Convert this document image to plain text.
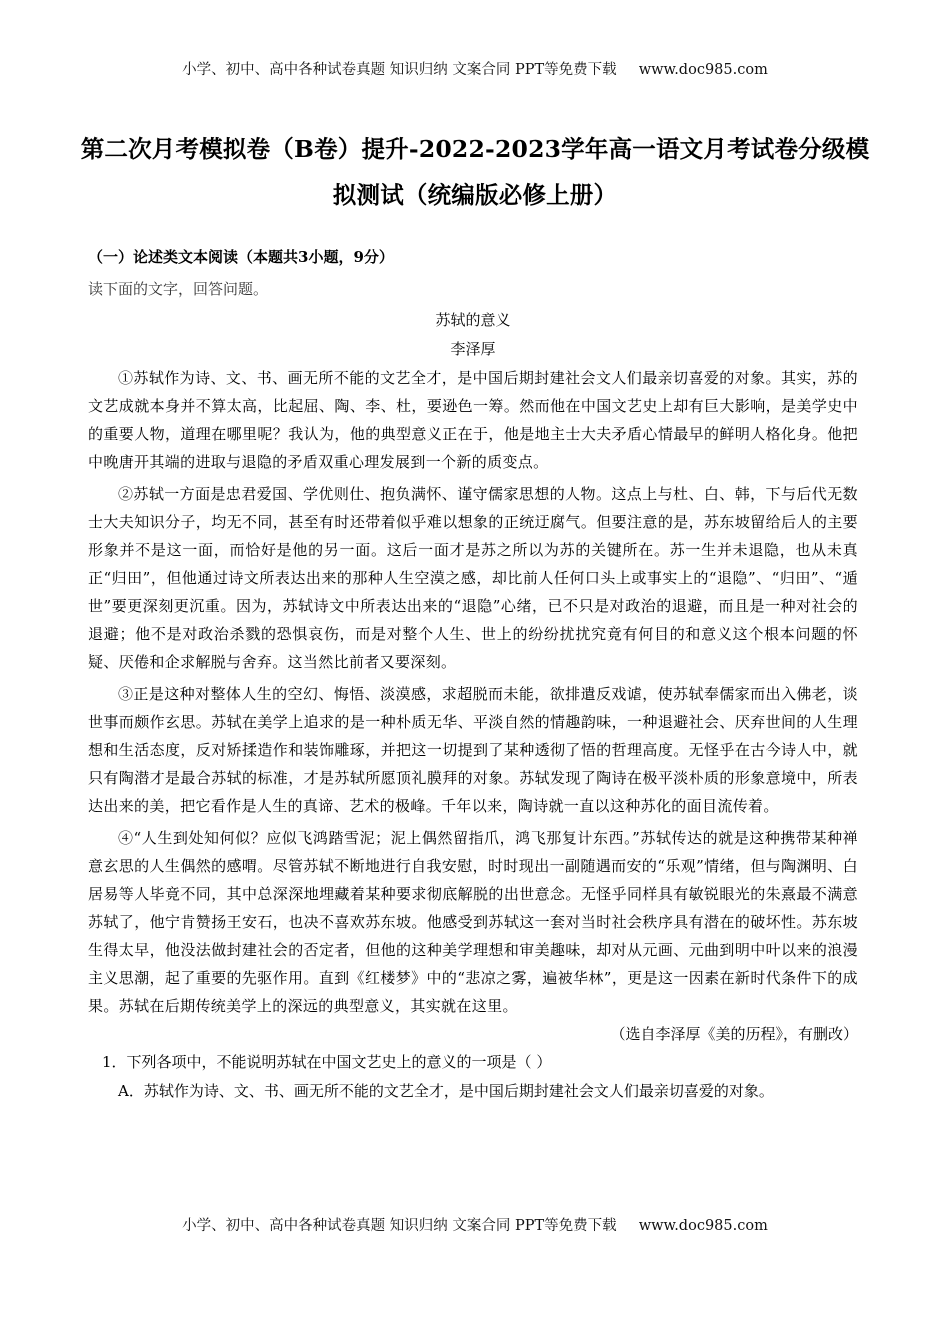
小学、初中、高中各种试卷真题 知识归纳 文案合同 PPT等免费下载 www.doc985.com
第二次月考模拟卷（B卷）提升-2022-2023学年高一语文月考试卷分级模拟测试（统编版必修上册）

（一）论述类文本阅读（本题共3小题，9分）

读下面的文字，回答问题。

苏轼的意义

李泽厚

①苏轼作为诗、文、书、画无所不能的文艺全才，是中国后期封建社会文人们最亲切喜爱的对象。其实，苏的文艺成就本身并不算太高，比起屈、陶、李、杜，要逊色一筹。然而他在中国文艺史上却有巨大影响，是美学史中的重要人物，道理在哪里呢？我认为，他的典型意义正在于，他是地主士大夫矛盾心情最早的鲜明人格化身。他把中晚唐开其端的进取与退隐的矛盾双重心理发展到一个新的质变点。

②苏轼一方面是忠君爱国、学优则仕、抱负满怀、谨守儒家思想的人物。这点上与杜、白、韩，下与后代无数士大夫知识分子，均无不同，甚至有时还带着似乎难以想象的正统迂腐气。但要注意的是，苏东坡留给后人的主要形象并不是这一面，而恰好是他的另一面。这后一面才是苏之所以为苏的关键所在。苏一生并未退隐，也从未真正“归田”，但他通过诗文所表达出来的那种人生空漠之感，却比前人任何口头上或事实上的“退隐”、“归田”、“遁世”要更深刻更沉重。因为，苏轼诗文中所表达出来的“退隐”心绪，已不只是对政治的退避，而且是一种对社会的退避；他不是对政治杀戮的恐惧哀伤，而是对整个人生、世上的纷纷扰扰究竟有何目的和意义这个根本问题的怀疑、厌倦和企求解脱与舍弃。这当然比前者又要深刻。

③正是这种对整体人生的空幻、悔悟、淡漠感，求超脱而未能，欲排遣反戏谑，使苏轼奉儒家而出入佛老，谈世事而颇作玄思。苏轼在美学上追求的是一种朴质无华、平淡自然的情趣韵味，一种退避社会、厌弃世间的人生理想和生活态度，反对矫揉造作和装饰雕琢，并把这一切提到了某种透彻了悟的哲理高度。无怪乎在古今诗人中，就只有陶潜才是最合苏轼的标准，才是苏轼所愿顶礼膜拜的对象。苏轼发现了陶诗在极平淡朴质的形象意境中，所表达出来的美，把它看作是人生的真谛、艺术的极峰。千年以来，陶诗就一直以这种苏化的面目流传着。

④“人生到处知何似？应似飞鸿踏雪泥；泥上偶然留指爪，鸿飞那复计东西。”苏轼传达的就是这种携带某种禅意玄思的人生偶然的感喟。尽管苏轼不断地进行自我安慰，时时现出一副随遇而安的“乐观”情绪，但与陶渊明、白居易等人毕竟不同，其中总深深地埋藏着某种要求彻底解脱的出世意念。无怪乎同样具有敏锐眼光的朱熹最不满意苏轼了，他宁肯赞扬王安石，也决不喜欢苏东坡。他感受到苏轼这一套对当时社会秩序具有潜在的破坏性。苏东坡生得太早，他没法做封建社会的否定者，但他的这种美学理想和审美趣味，却对从元画、元曲到明中叶以来的浪漫主义思潮，起了重要的先驱作用。直到《红楼梦》中的“悲凉之雾，遍被华林”，更是这一因素在新时代条件下的成果。苏轼在后期传统美学上的深远的典型意义，其实就在这里。

（选自李泽厚《美的历程》，有删改）

1．下列各项中，不能说明苏轼在中国文艺史上的意义的一项是（ ）

A．苏轼作为诗、文、书、画无所不能的文艺全才，是中国后期封建社会文人们最亲切喜爱的对象。

小学、初中、高中各种试卷真题 知识归纳 文案合同 PPT等免费下载 www.doc985.com
